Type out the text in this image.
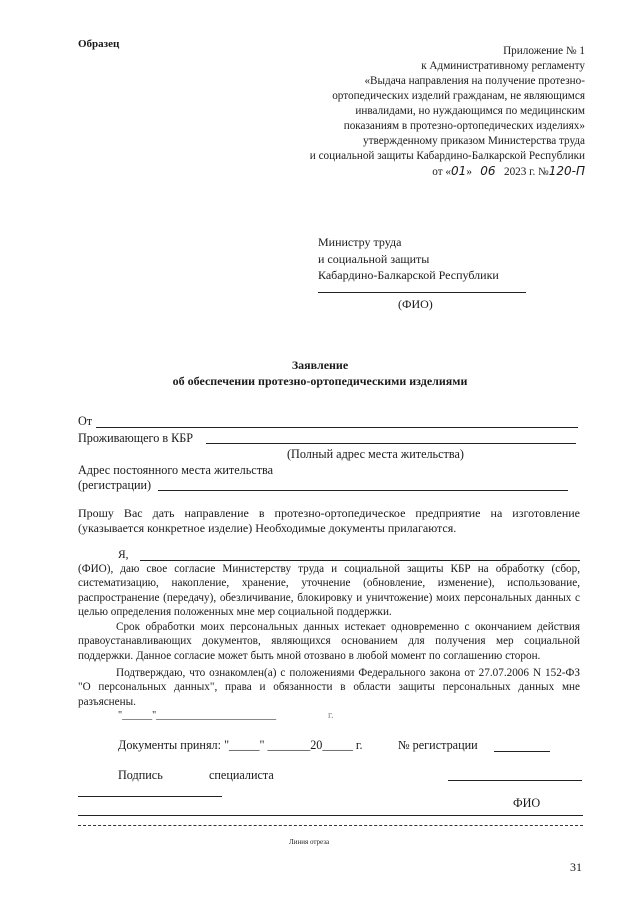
Образец
Приложение № 1
к Административному регламенту
«Выдача направления на получение протезно-
ортопедических изделий гражданам, не являющимся
инвалидами, но нуждающимся по медицинским
показаниям в протезно-ортопедических изделиях»
утвержденному приказом Министерства труда
и социальной защиты Кабардино-Балкарской Республики
от «01» 06 2023 г. №120-П
Министру труда
и социальной защиты
Кабардино-Балкарской Республики
(ФИО)
Заявление
об обеспечении протезно-ортопедическими изделиями
От
Проживающего в КБР
(Полный адрес места жительства)
Адрес постоянного места жительства
(регистрации)
Прошу Вас дать направление в протезно-ортопедическое предприятие на изготовление (указывается конкретное изделие) Необходимые документы прилагаются.
Я,
(ФИО), даю свое согласие Министерству труда и социальной защиты КБР на обработку (сбор, систематизацию, накопление, хранение, уточнение (обновление, изменение), использование, распространение (передачу), обезличивание, блокировку и уничтожение) моих персональных данных с целью определения положенных мне мер социальной поддержки.
Срок обработки моих персональных данных истекает одновременно с окончанием действия правоустанавливающих документов, являющихся основанием для получения мер социальной поддержки. Данное согласие может быть мной отозвано в любой момент по соглашению сторон.
Подтверждаю, что ознакомлен(а) с положениями Федерального закона от 27.07.2006 N 152-ФЗ "О персональных данных", права и обязанности в области защиты персональных данных мне разъяснены.
"______"________________________	г.
Документы принял: "_____" _______20_____ г.	№ регистрации
Подпись	специалиста
ФИО
Линия отреза
31
